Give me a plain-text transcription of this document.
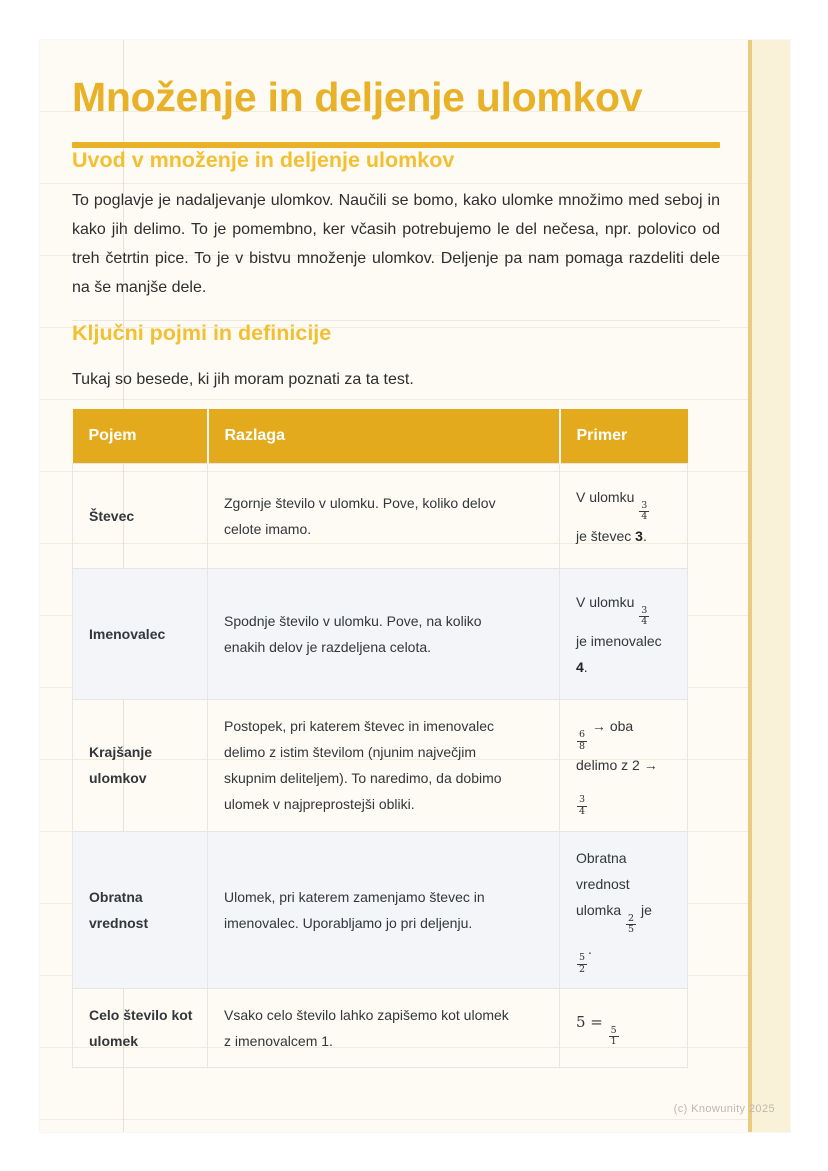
Množenje in deljenje ulomkov
Uvod v množenje in deljenje ulomkov

To poglavje je nadaljevanje ulomkov. Naučili se bomo, kako ulomke množimo med seboj in kako jih delimo. To je pomembno, ker včasih potrebujemo le del nečesa, npr. polovico od treh četrtin pice. To je v bistvu množenje ulomkov. Deljenje pa nam pomaga razdeliti dele na še manjše dele.

Ključni pojmi in definicije

Tukaj so besede, ki jih moram poznati za ta test.

Pojem	Razlaga	Primer
Števec	Zgornje število v ulomku. Pove, koliko delov celote imamo.	V ulomku
$\frac{3}{4}$
je števec 3.
Imenovalec	Spodnje število v ulomku. Pove, na koliko enakih delov je razdeljena celota.	V ulomku
$\frac{3}{4}$
je imenovalec 4.
Krajšanje ulomkov	Postopek, pri katerem števec in imenovalec delimo z istim številom (njunim največjim skupnim deliteljem). To naredimo, da dobimo ulomek v najpreprostejši obliki.	$\frac{6}{8}$
→ oba delimo z 2 →
$\frac{3}{4}$

Obratna vrednost	Ulomek, pri katerem zamenjamo števec in imenovalec. Uporabljamo jo pri deljenju.	Obratna vrednost ulomka
$\frac{2}{5}$
je
$\frac{5}{2}$
.
Celo število kot ulomek	Vsako celo število lahko zapišemo kot ulomek z imenovalcem 1.	5 =
$\frac{5}{1}$
(c) Knowunity 2025
